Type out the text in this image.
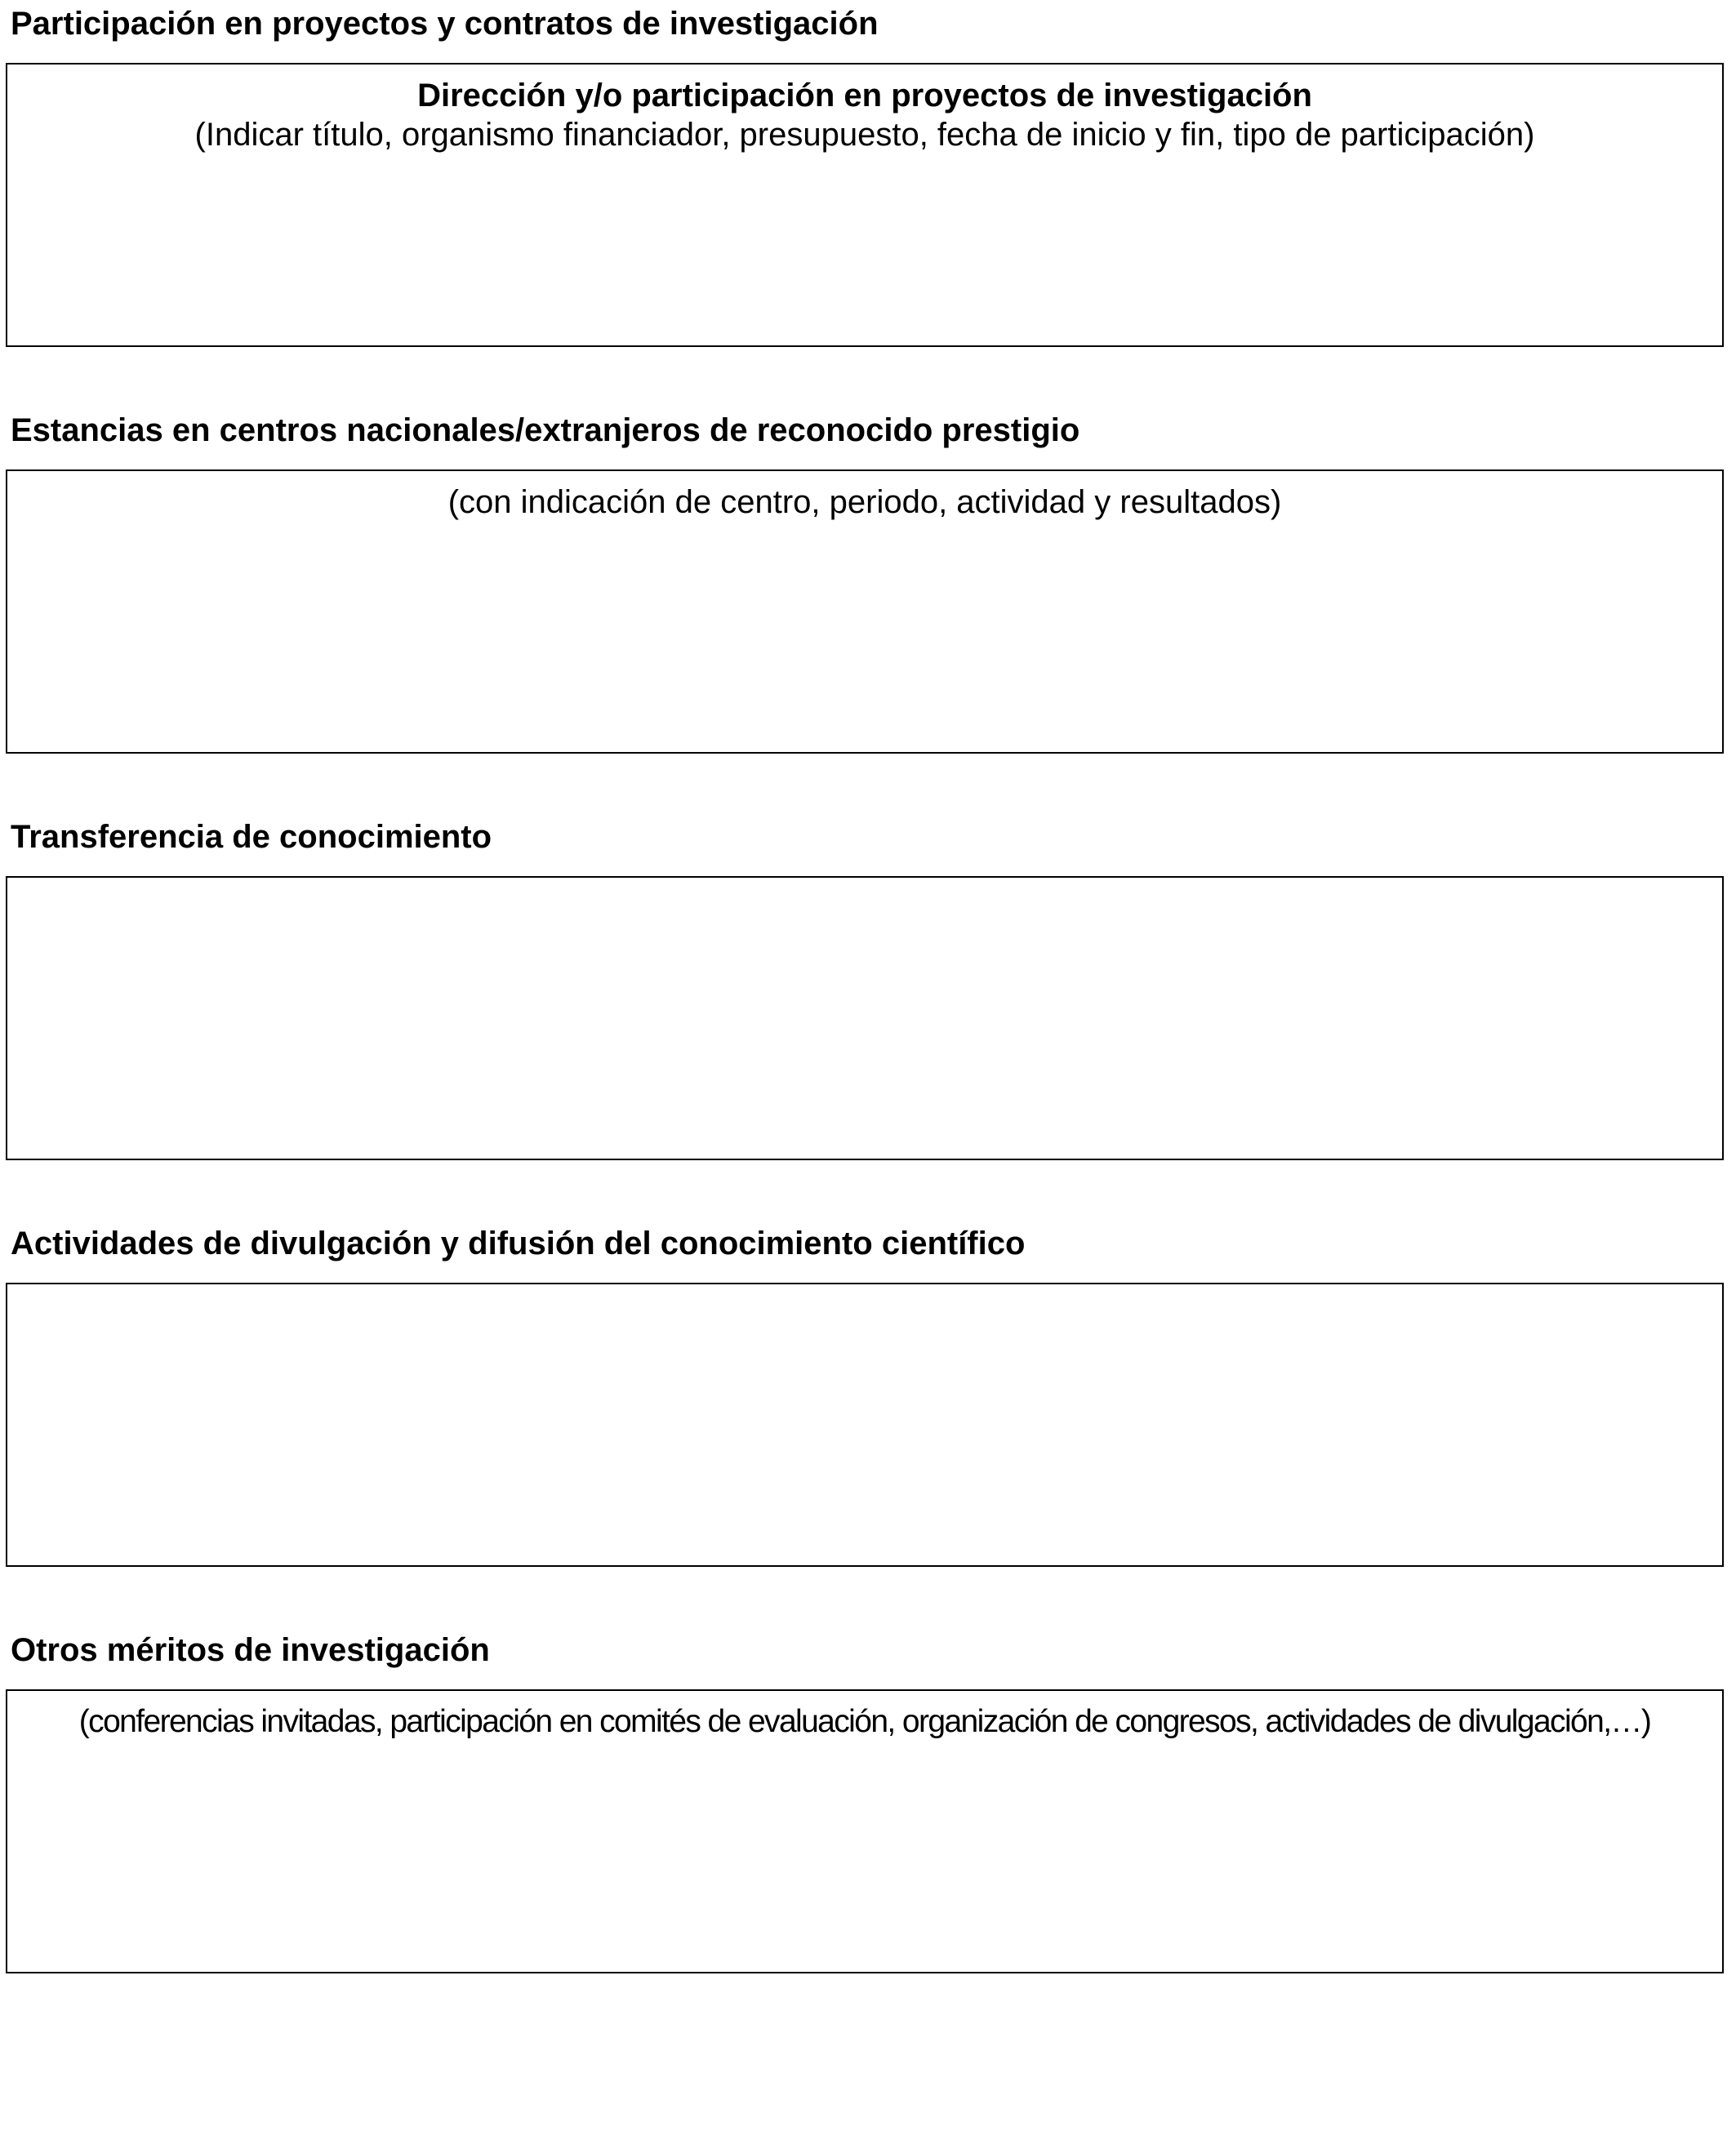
Participación en proyectos y contratos de investigación
Dirección y/o participación en proyectos de investigación
(Indicar título, organismo financiador, presupuesto, fecha de inicio y fin, tipo de participación)
Estancias en centros nacionales/extranjeros de reconocido prestigio
(con indicación de centro, periodo, actividad y resultados)
Transferencia de conocimiento
Actividades de divulgación y difusión del conocimiento científico
Otros méritos de investigación
(conferencias invitadas, participación en comités de evaluación, organización de congresos, actividades de divulgación,…)
